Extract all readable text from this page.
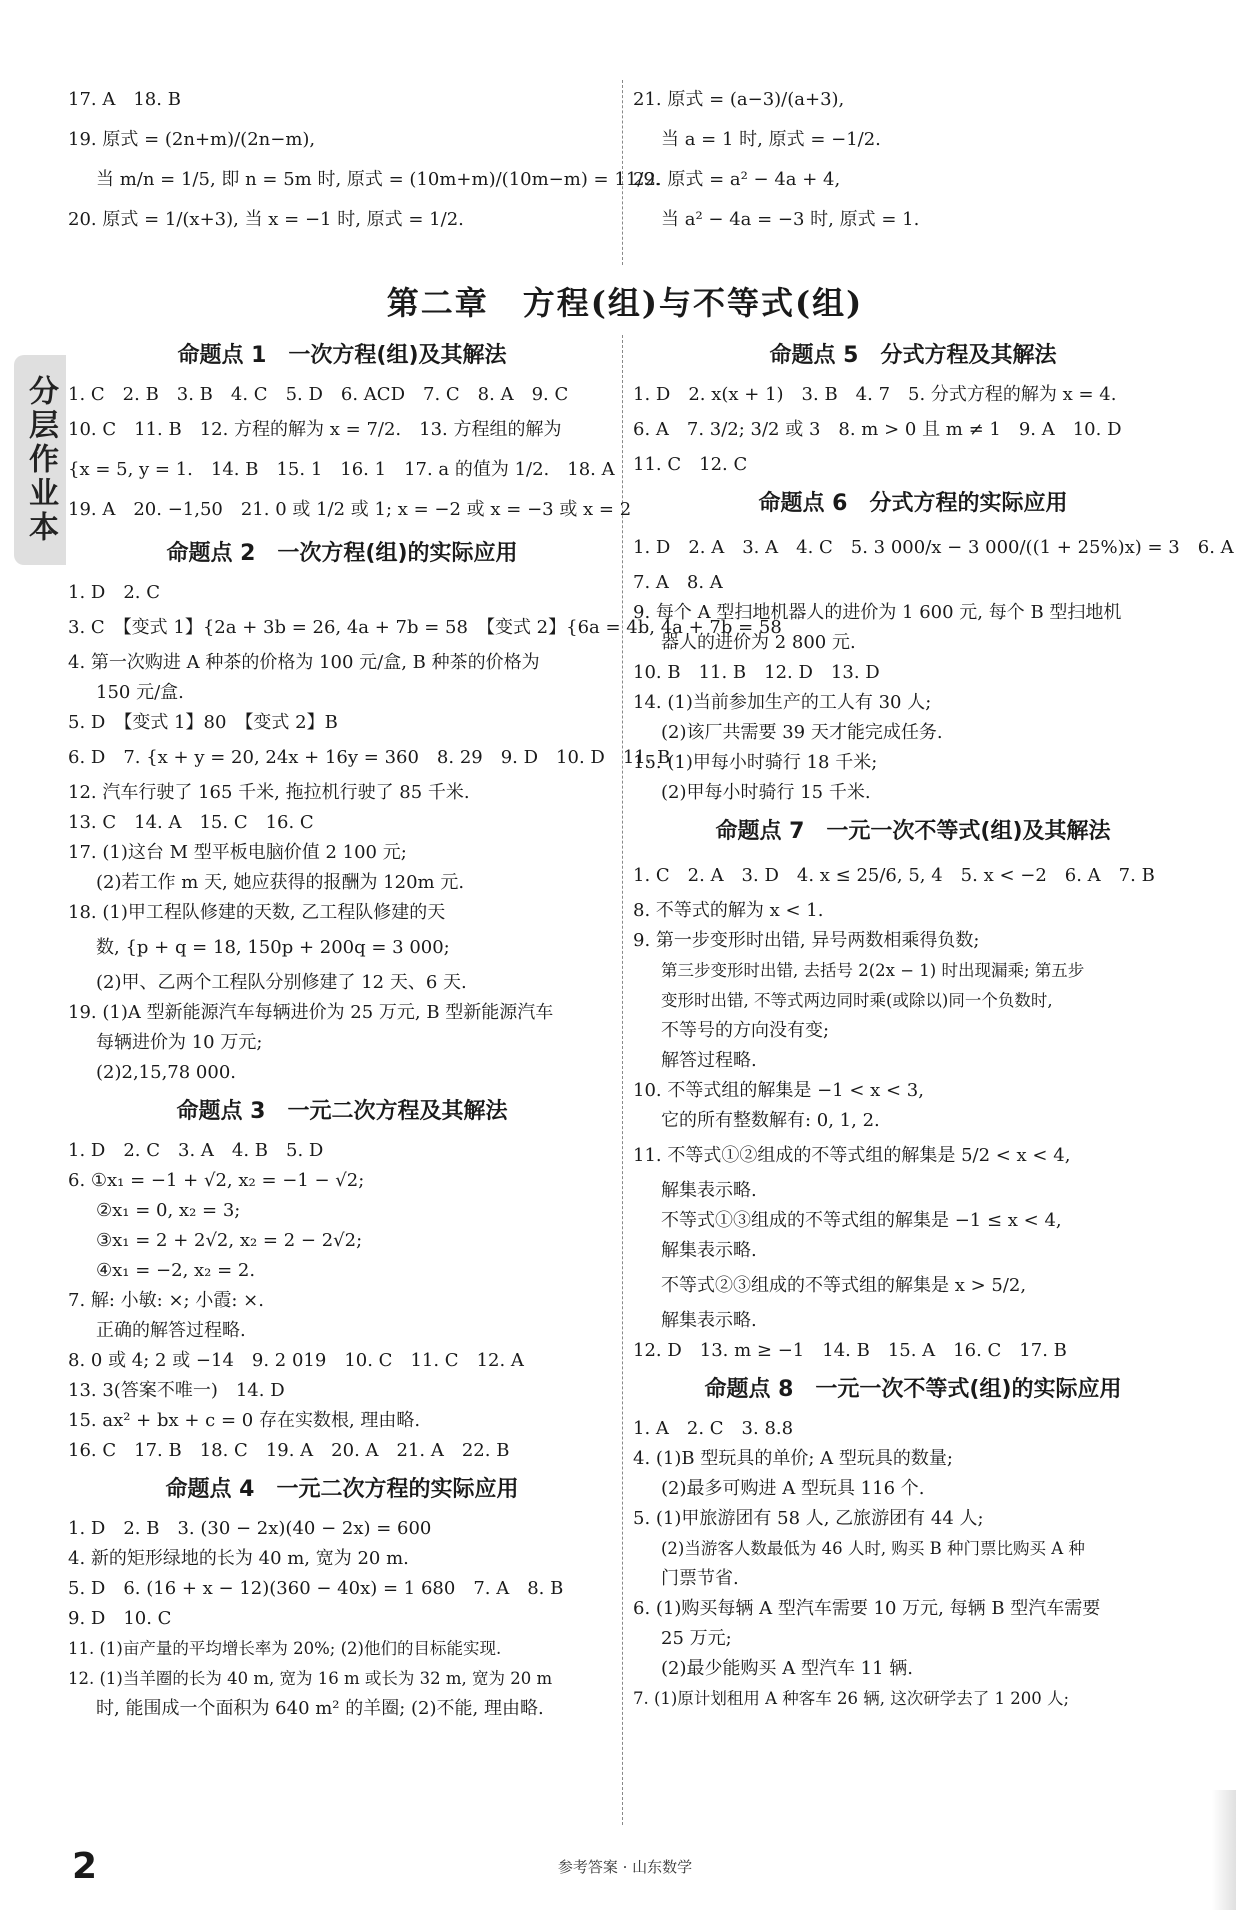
分层作业本
17. A　18. B
19. 原式 = (2n+m)/(2n−m),
当 m/n = 1/5, 即 n = 5m 时, 原式 = (10m+m)/(10m−m) = 11/9.
20. 原式 = 1/(x+3), 当 x = −1 时, 原式 = 1/2.
21. 原式 = (a−3)/(a+3),
当 a = 1 时, 原式 = −1/2.
22. 原式 = a² − 4a + 4,
当 a² − 4a = −3 时, 原式 = 1.
第二章　方程(组)与不等式(组)
命题点 1　一次方程(组)及其解法
1. C　2. B　3. B　4. C　5. D　6. ACD　7. C　8. A　9. C
10. C　11. B　12. 方程的解为 x = 7/2.　13. 方程组的解为
{x = 5, y = 1.　14. B　15. 1　16. 1　17. a 的值为 1/2.　18. A
19. A　20. −1,50　21. 0 或 1/2 或 1; x = −2 或 x = −3 或 x = 2
命题点 2　一次方程(组)的实际应用
1. D　2. C
3. C　【变式 1】{2a + 3b = 26, 4a + 7b = 58　【变式 2】{6a = 4b, 4a + 7b = 58
4. 第一次购进 A 种茶的价格为 100 元/盒, B 种茶的价格为
150 元/盒.
5. D　【变式 1】80　【变式 2】B
6. D　7. {x + y = 20, 24x + 16y = 360　8. 29　9. D　10. D　11. B
12. 汽车行驶了 165 千米, 拖拉机行驶了 85 千米.
13. C　14. A　15. C　16. C
17. (1)这台 M 型平板电脑价值 2 100 元;
(2)若工作 m 天, 她应获得的报酬为 120m 元.
18. (1)甲工程队修建的天数, 乙工程队修建的天
数, {p + q = 18, 150p + 200q = 3 000;
(2)甲、乙两个工程队分别修建了 12 天、6 天.
19. (1)A 型新能源汽车每辆进价为 25 万元, B 型新能源汽车
每辆进价为 10 万元;
(2)2,15,78 000.
命题点 3　一元二次方程及其解法
1. D　2. C　3. A　4. B　5. D
6. ①x₁ = −1 + √2, x₂ = −1 − √2;
②x₁ = 0, x₂ = 3;
③x₁ = 2 + 2√2, x₂ = 2 − 2√2;
④x₁ = −2, x₂ = 2.
7. 解: 小敏: ×; 小霞: ×.
正确的解答过程略.
8. 0 或 4; 2 或 −14　9. 2 019　10. C　11. C　12. A
13. 3(答案不唯一)　14. D
15. ax² + bx + c = 0 存在实数根, 理由略.
16. C　17. B　18. C　19. A　20. A　21. A　22. B
命题点 4　一元二次方程的实际应用
1. D　2. B　3. (30 − 2x)(40 − 2x) = 600
4. 新的矩形绿地的长为 40 m, 宽为 20 m.
5. D　6. (16 + x − 12)(360 − 40x) = 1 680　7. A　8. B
9. D　10. C
11. (1)亩产量的平均增长率为 20%; (2)他们的目标能实现.
12. (1)当羊圈的长为 40 m, 宽为 16 m 或长为 32 m, 宽为 20 m
时, 能围成一个面积为 640 m² 的羊圈; (2)不能, 理由略.
命题点 5　分式方程及其解法
1. D　2. x(x + 1)　3. B　4. 7　5. 分式方程的解为 x = 4.
6. A　7. 3/2; 3/2 或 3　8. m > 0 且 m ≠ 1　9. A　10. D
11. C　12. C
命题点 6　分式方程的实际应用
1. D　2. A　3. A　4. C　5. 3 000/x − 3 000/((1 + 25%)x) = 3　6. A
7. A　8. A
9. 每个 A 型扫地机器人的进价为 1 600 元, 每个 B 型扫地机
器人的进价为 2 800 元.
10. B　11. B　12. D　13. D
14. (1)当前参加生产的工人有 30 人;
(2)该厂共需要 39 天才能完成任务.
15. (1)甲每小时骑行 18 千米;
(2)甲每小时骑行 15 千米.
命题点 7　一元一次不等式(组)及其解法
1. C　2. A　3. D　4. x ≤ 25/6, 5, 4　5. x < −2　6. A　7. B
8. 不等式的解为 x < 1.
9. 第一步变形时出错, 异号两数相乘得负数;
第三步变形时出错, 去括号 2(2x − 1) 时出现漏乘; 第五步
变形时出错, 不等式两边同时乘(或除以)同一个负数时,
不等号的方向没有变;
解答过程略.
10. 不等式组的解集是 −1 < x < 3,
它的所有整数解有: 0, 1, 2.
11. 不等式①②组成的不等式组的解集是 5/2 < x < 4,
解集表示略.
不等式①③组成的不等式组的解集是 −1 ≤ x < 4,
解集表示略.
不等式②③组成的不等式组的解集是 x > 5/2,
解集表示略.
12. D　13. m ≥ −1　14. B　15. A　16. C　17. B
命题点 8　一元一次不等式(组)的实际应用
1. A　2. C　3. 8.8
4. (1)B 型玩具的单价; A 型玩具的数量;
(2)最多可购进 A 型玩具 116 个.
5. (1)甲旅游团有 58 人, 乙旅游团有 44 人;
(2)当游客人数最低为 46 人时, 购买 B 种门票比购买 A 种
门票节省.
6. (1)购买每辆 A 型汽车需要 10 万元, 每辆 B 型汽车需要
25 万元;
(2)最少能购买 A 型汽车 11 辆.
7. (1)原计划租用 A 种客车 26 辆, 这次研学去了 1 200 人;
2	参考答案 · 山东数学
